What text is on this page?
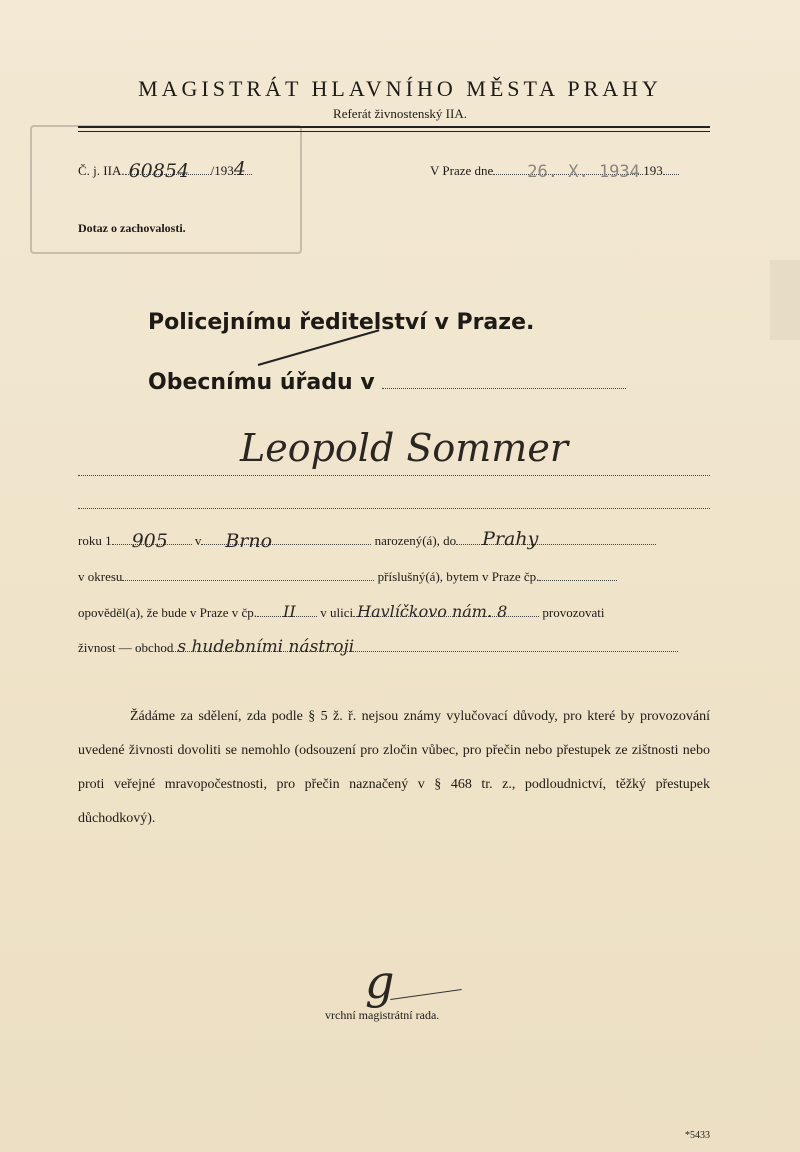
MAGISTRÁT HLAVNÍHO MĚSTA PRAHY
Referát živnostenský IIA.
Č. j. IIA. 60854 /193 4	V Praze dne 26. X. 1934 193
Dotaz o zachovalosti.
Policejnímu ředitelství v Praze.
Obecnímu úřadu v
Leopold Sommer
roku 1 905 v Brno	narozený(á), do Prahy
v okresu	příslušný(á), bytem v Praze čp.
opověděl(a), že bude v Praze v čp. II v ulici Havlíčkovo nám. 8	provozovati
živnost — obchod s hudebními nástroji
Žádáme za sdělení, zda podle § 5 ž. ř. nejsou známy vylučovací důvody, pro které by provozování uvedené živnosti dovoliti se nemohlo (odsouzení pro zločin vůbec, pro přečin nebo přestupek ze zištnosti nebo proti veřejné mravopočestnosti, pro přečin naznačený v § 468 tr. z., podloudnictví, těžký přestupek důchodkový).
g
vrchní magistrátní rada.
*5433
